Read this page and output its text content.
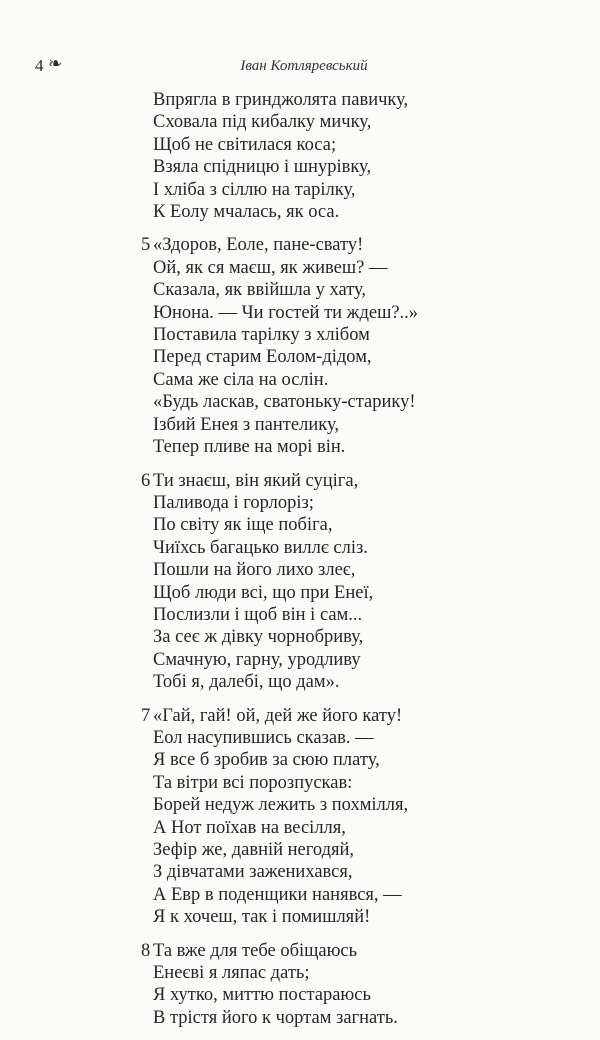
4 ❧	Іван Котляревський
Впрягла в гринджолята павичку,
Сховала під кибалку мичку,
Щоб не світилася коса;
Взяла спідницю і шнурівку,
І хліба з сіллю на тарілку,
К Еолу мчалась, як оса.
5 «Здоров, Еоле, пане-свату!
Ой, як ся маєш, як живеш? —
Сказала, як ввійшла у хату,
Юнона. — Чи гостей ти ждеш?..»
Поставила тарілку з хлібом
Перед старим Еолом-дідом,
Сама же сіла на ослін.
«Будь ласкав, сватоньку-старику!
Ізбий Енея з пантелику,
Тепер пливе на морі він.
6 Ти знаєш, він який суціга,
Паливода і горлоріз;
По світу як іще побіга,
Чиїхсь багацько виллє сліз.
Пошли на його лихо злеє,
Щоб люди всі, що при Енеї,
Послизли і щоб він і сам...
За сеє ж дівку чорнобриву,
Смачную, гарну, уродливу
Тобі я, далебі, що дам».
7 «Гай, гай! ой, дей же його кату!
Еол насупившись сказав. —
Я все б зробив за сюю плату,
Та вітри всі порозпускав:
Борей недуж лежить з похмілля,
А Нот поїхав на весілля,
Зефір же, давній негодяй,
З дівчатами заженихався,
А Евр в поденщики нанявся, —
Я к хочеш, так і помишляй!
8 Та вже для тебе обіщаюсь
Енеєві я ляпас дать;
Я хутко, миттю постараюсь
В трістя його к чортам загнать.
